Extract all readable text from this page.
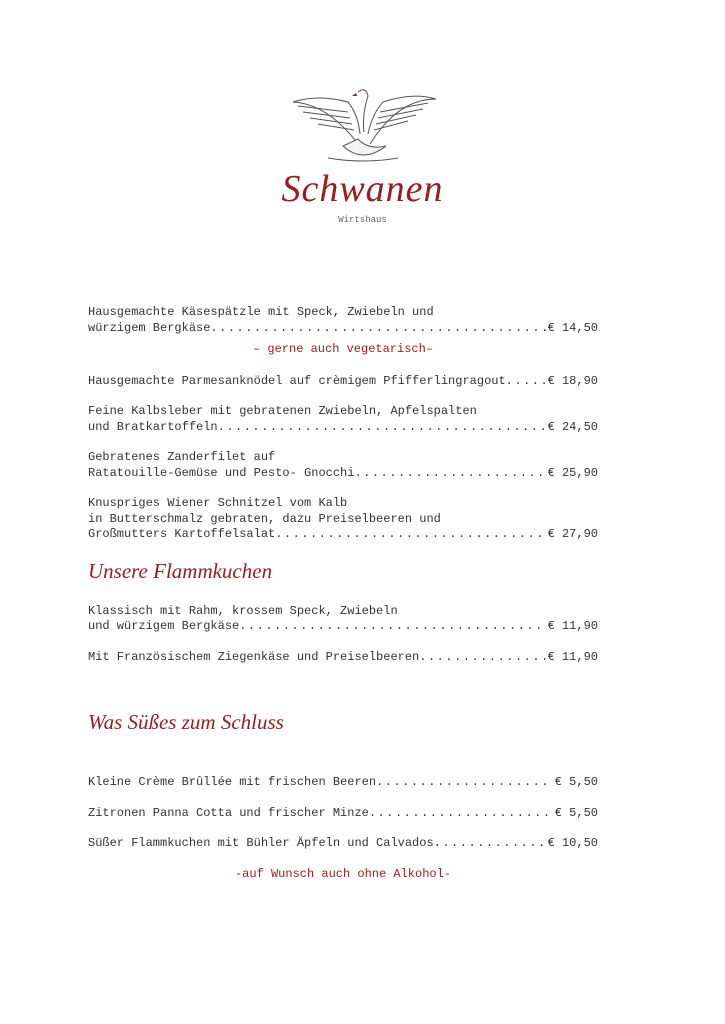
Schwanen
Wirtshaus
Hausgemachte Käsespätzle mit Speck, Zwiebeln und
würzigem Bergkäse .....	€ 14,50
– gerne auch vegetarisch–
Hausgemachte Parmesanknödel auf crèmigem Pfifferlingragout .....	€ 18,90
Feine Kalbsleber mit gebratenen Zwiebeln, Apfelspalten
und Bratkartoffeln .....	€ 24,50
Gebratenes Zanderfilet auf
Ratatouille-Gemüse und Pesto- Gnocchi .....	€ 25,90
Knuspriges Wiener Schnitzel vom Kalb
in Butterschmalz gebraten, dazu Preiselbeeren und
Großmutters Kartoffelsalat .....	€ 27,90
Unsere Flammkuchen
Klassisch mit Rahm, krossem Speck, Zwiebeln
und würzigem Bergkäse .....	€ 11,90
Mit Französischem Ziegenkäse und Preiselbeeren .....	€ 11,90
Was Süßes zum Schluss
Kleine Crème Brûllée mit frischen Beeren .....	€ 5,50
Zitronen Panna Cotta und frischer Minze .....	€ 5,50
Süßer Flammkuchen mit Bühler Äpfeln und Calvados .....	€ 10,50
-auf Wunsch auch ohne Alkohol-
